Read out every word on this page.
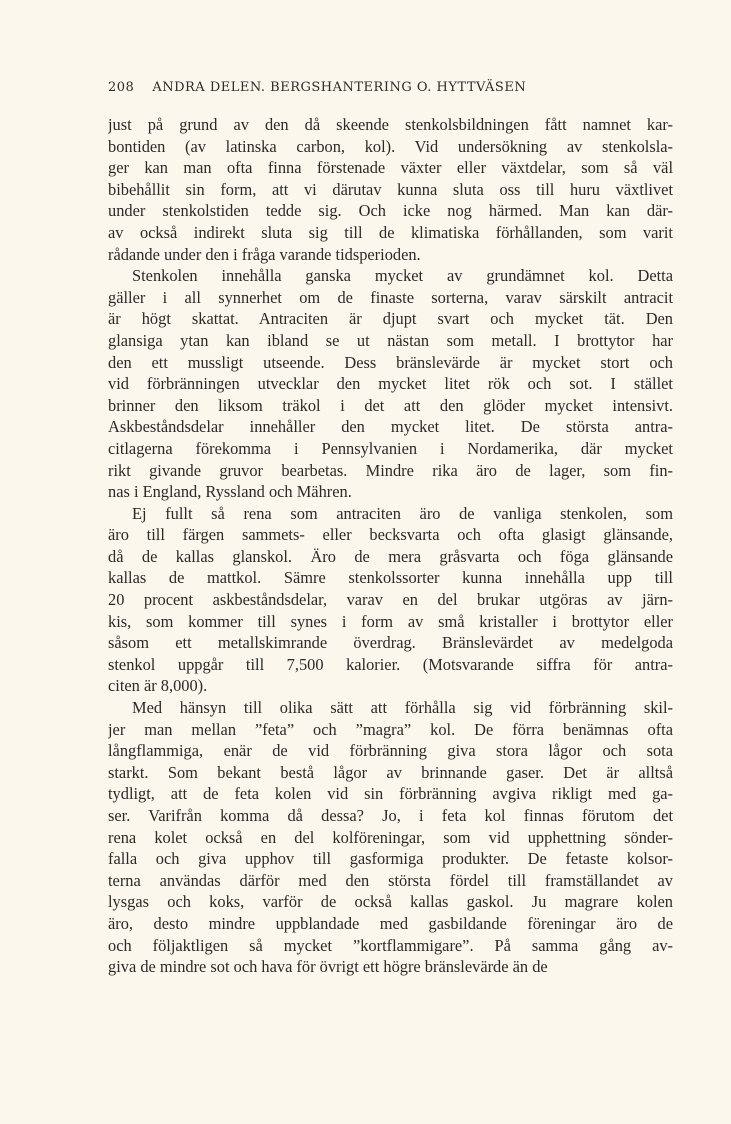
208 ANDRA DELEN. BERGSHANTERING O. HYTTVÄSEN
just på grund av den då skeende stenkolsbildningen fått namnet kar-
bontiden (av latinska carbon, kol). Vid undersökning av stenkolsla-
ger kan man ofta finna förstenade växter eller växtdelar, som så väl
bibehållit sin form, att vi därutav kunna sluta oss till huru växtlivet
under stenkolstiden tedde sig. Och icke nog härmed. Man kan där-
av också indirekt sluta sig till de klimatiska förhållanden, som varit
rådande under den i fråga varande tidsperioden.
Stenkolen innehålla ganska mycket av grundämnet kol. Detta
gäller i all synnerhet om de finaste sorterna, varav särskilt antracit
är högt skattat. Antraciten är djupt svart och mycket tät. Den
glansiga ytan kan ibland se ut nästan som metall. I brottytor har
den ett mussligt utseende. Dess bränslevärde är mycket stort och
vid förbränningen utvecklar den mycket litet rök och sot. I stället
brinner den liksom träkol i det att den glöder mycket intensivt.
Askbeståndsdelar innehåller den mycket litet. De största antra-
citlagerna förekomma i Pennsylvanien i Nordamerika, där mycket
rikt givande gruvor bearbetas. Mindre rika äro de lager, som fin-
nas i England, Ryssland och Mähren.
Ej fullt så rena som antraciten äro de vanliga stenkolen, som
äro till färgen sammets- eller becksvarta och ofta glasigt glänsande,
då de kallas glanskol. Äro de mera gråsvarta och föga glänsande
kallas de mattkol. Sämre stenkolssorter kunna innehålla upp till
20 procent askbeståndsdelar, varav en del brukar utgöras av järn-
kis, som kommer till synes i form av små kristaller i brottytor eller
såsom ett metallskimrande överdrag. Bränslevärdet av medelgoda
stenkol uppgår till 7,500 kalorier. (Motsvarande siffra för antra-
citen är 8,000).
Med hänsyn till olika sätt att förhålla sig vid förbränning skil-
jer man mellan ”feta” och ”magra” kol. De förra benämnas ofta
långflammiga, enär de vid förbränning giva stora lågor och sota
starkt. Som bekant bestå lågor av brinnande gaser. Det är alltså
tydligt, att de feta kolen vid sin förbränning avgiva rikligt med ga-
ser. Varifrån komma då dessa? Jo, i feta kol finnas förutom det
rena kolet också en del kolföreningar, som vid upphettning sönder-
falla och giva upphov till gasformiga produkter. De fetaste kolsor-
terna användas därför med den största fördel till framställandet av
lysgas och koks, varför de också kallas gaskol. Ju magrare kolen
äro, desto mindre uppblandade med gasbildande föreningar äro de
och följaktligen så mycket ”kortflammigare”. På samma gång av-
giva de mindre sot och hava för övrigt ett högre bränslevärde än de
